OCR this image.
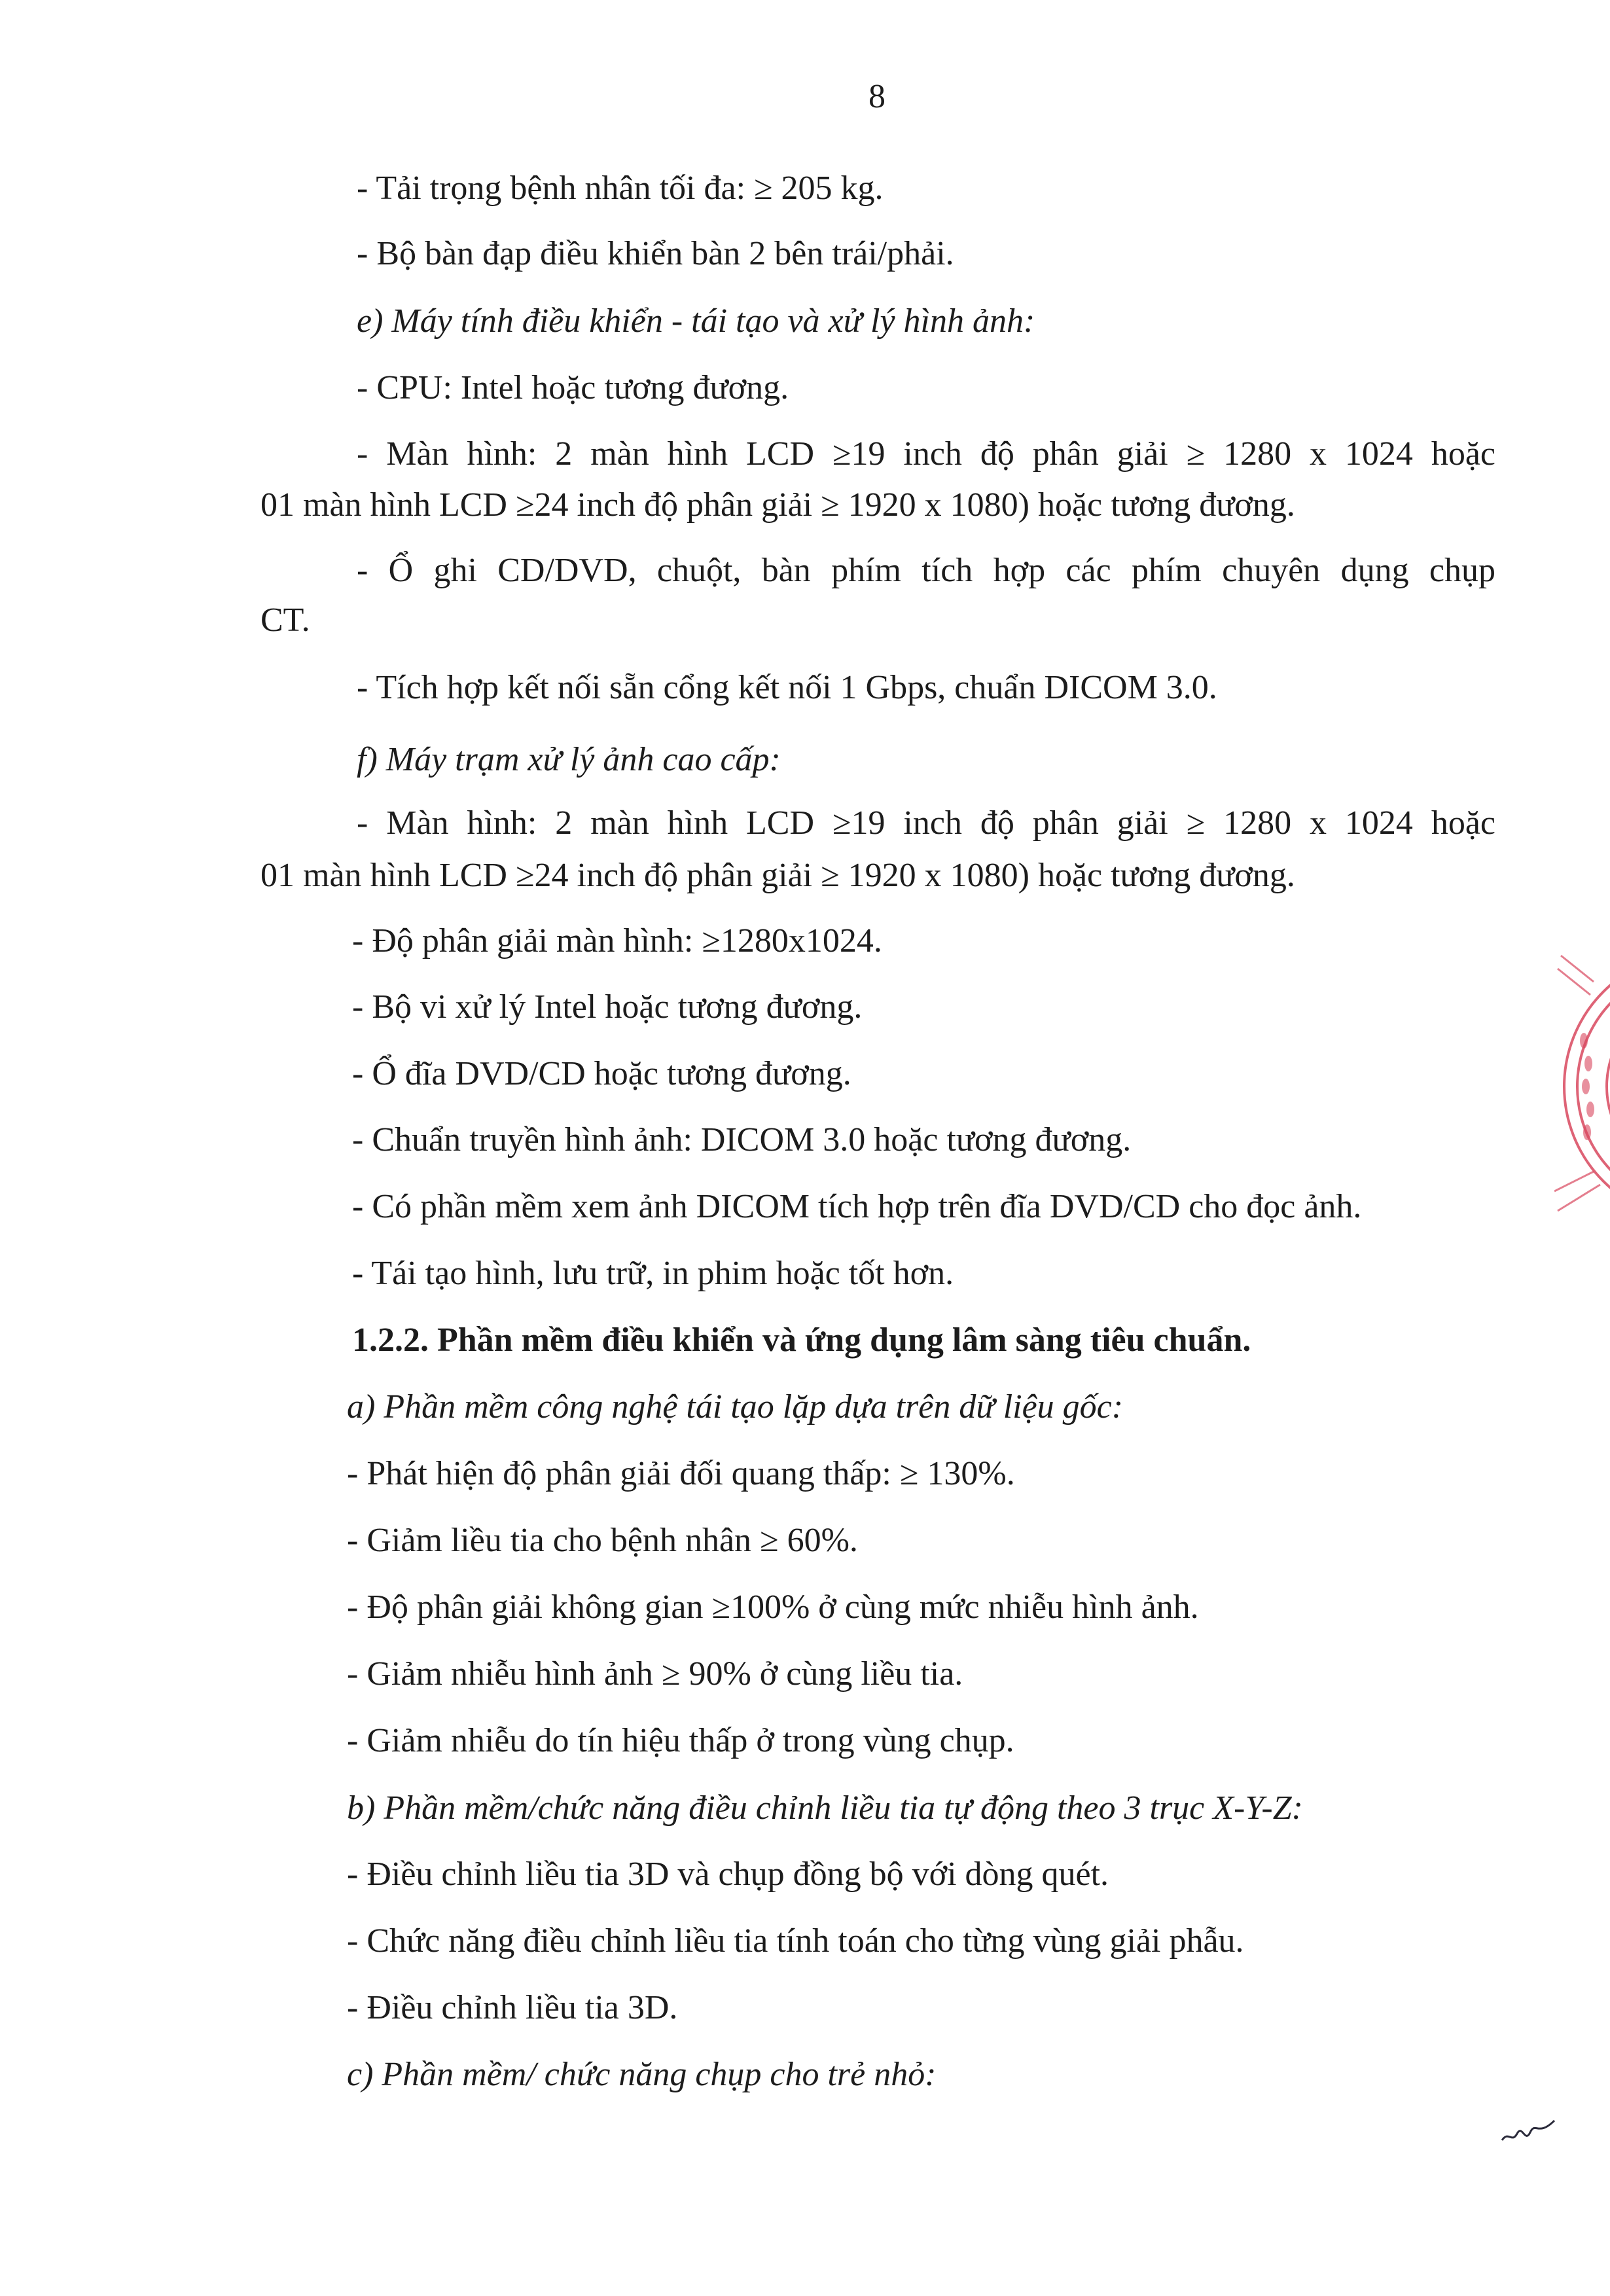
8
- Tải trọng bệnh nhân tối đa: ≥ 205 kg.
- Bộ bàn đạp điều khiển bàn 2 bên trái/phải.
e) Máy tính điều khiển - tái tạo và xử lý hình ảnh:
- CPU: Intel hoặc tương đương.
- Màn hình: 2 màn hình LCD ≥19 inch độ phân giải ≥ 1280 x 1024 hoặc
01 màn hình LCD ≥24 inch độ phân giải ≥ 1920 x 1080) hoặc tương đương.
- Ổ ghi CD/DVD, chuột, bàn phím tích hợp các phím chuyên dụng chụp
CT.
- Tích hợp kết nối sẵn cổng kết nối 1 Gbps, chuẩn DICOM 3.0.
f) Máy trạm xử lý ảnh cao cấp:
- Màn hình: 2 màn hình LCD ≥19 inch độ phân giải ≥ 1280 x 1024 hoặc
01 màn hình LCD ≥24 inch độ phân giải ≥ 1920 x 1080) hoặc tương đương.
- Độ phân giải màn hình: ≥1280x1024.
- Bộ vi xử lý Intel hoặc tương đương.
- Ổ đĩa DVD/CD hoặc tương đương.
- Chuẩn truyền hình ảnh: DICOM 3.0 hoặc tương đương.
- Có phần mềm xem ảnh DICOM tích hợp trên đĩa DVD/CD cho đọc ảnh.
- Tái tạo hình, lưu trữ, in phim hoặc tốt hơn.
1.2.2. Phần mềm điều khiển và ứng dụng lâm sàng tiêu chuẩn.
a) Phần mềm công nghệ tái tạo lặp dựa trên dữ liệu gốc:
- Phát hiện độ phân giải đối quang thấp: ≥ 130%.
- Giảm liều tia cho bệnh nhân ≥ 60%.
- Độ phân giải không gian ≥100% ở cùng mức nhiễu hình ảnh.
- Giảm nhiễu hình ảnh ≥ 90% ở cùng liều tia.
- Giảm nhiễu do tín hiệu thấp ở trong vùng chụp.
b) Phần mềm/chức năng điều chỉnh liều tia tự động theo 3 trục X-Y-Z:
- Điều chỉnh liều tia 3D và chụp đồng bộ với dòng quét.
- Chức năng điều chỉnh liều tia tính toán cho từng vùng giải phẫu.
- Điều chỉnh liều tia 3D.
c) Phần mềm/ chức năng chụp cho trẻ nhỏ:
